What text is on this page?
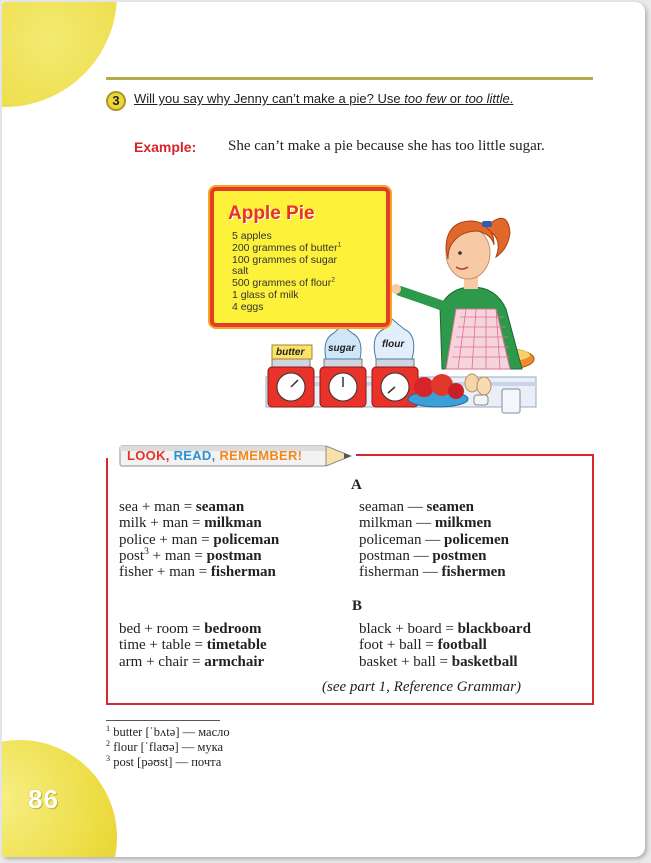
86
3	Will you say why Jenny can’t make a pie? Use too few or too little.
Example: She can’t make a pie because she has too little sugar.
Apple Pie
5 apples
200 grammes of butter$^1$
100 grammes of sugar
salt
500 grammes of flour$^2$
1 glass of milk
4 eggs
butter sugar	flour
LOOK, READ, REMEMBER!
A
sea + man = seaman
milk + man = milkman
police + man = policeman
post$^3$ + man = postman
fisher + man = fisherman
seaman — seamen
milkman — milkmen
policeman — policemen
postman — postmen
fisherman — fishermen
B
bed + room = bedroom
time + table = timetable
arm + chair = armchair
black + board = blackboard
foot + ball = football
basket + ball = basketball
(see part 1, Reference Grammar)
$^1$ butter [ˈbʌtə] — масло
$^2$ flour [ˈflaʊə] — мука
$^3$ post [pəʊst] — почта
